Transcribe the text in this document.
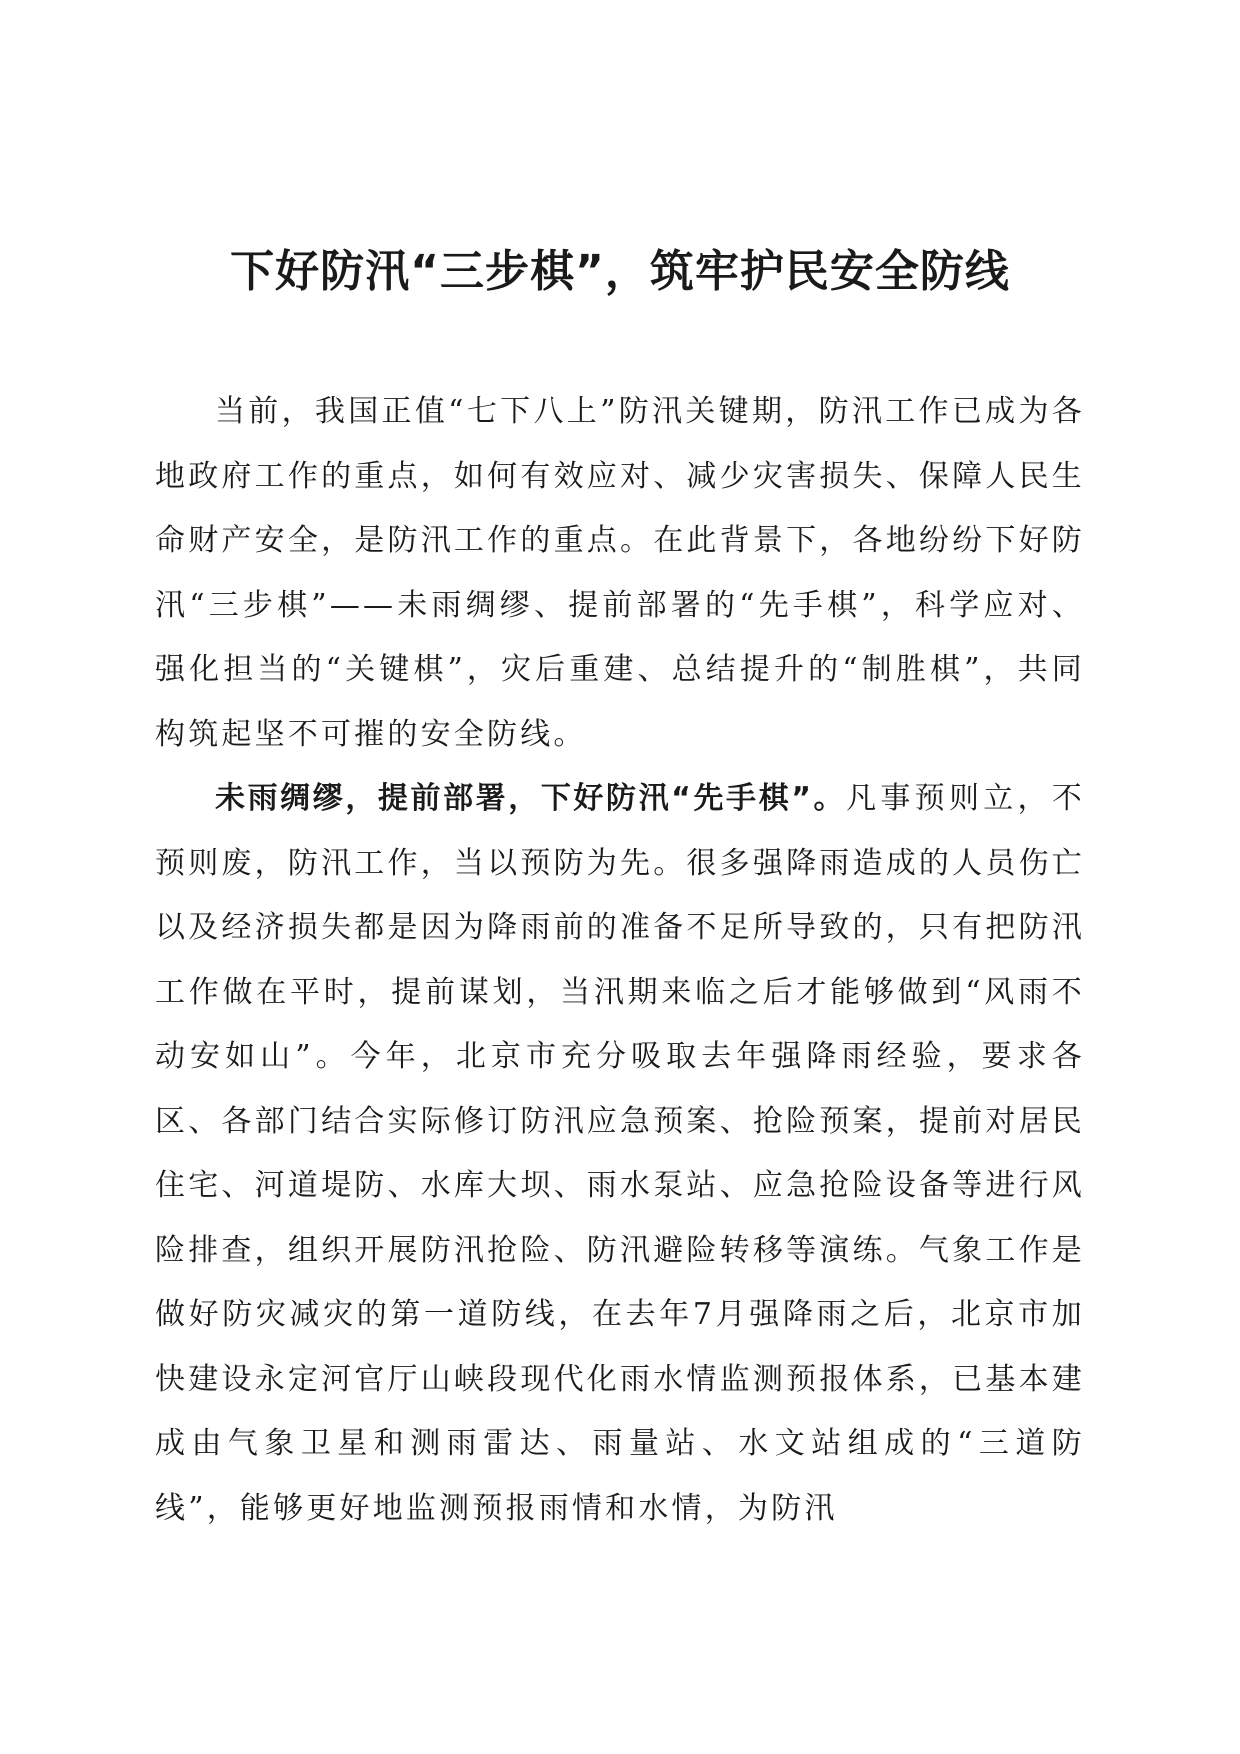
下好防汛“三步棋”，筑牢护民安全防线

当前，我国正值“七下八上”防汛关键期，防汛工作已成为各地政府工作的重点，如何有效应对、减少灾害损失、保障人民生命财产安全，是防汛工作的重点。在此背景下，各地纷纷下好防汛“三步棋”——未雨绸缪、提前部署的“先手棋”，科学应对、强化担当的“关键棋”，灾后重建、总结提升的“制胜棋”，共同构筑起坚不可摧的安全防线。

未雨绸缪，提前部署，下好防汛“先手棋”。凡事预则立，不预则废，防汛工作，当以预防为先。很多强降雨造成的人员伤亡以及经济损失都是因为降雨前的准备不足所导致的，只有把防汛工作做在平时，提前谋划，当汛期来临之后才能够做到“风雨不动安如山”。今年，北京市充分吸取去年强降雨经验，要求各区、各部门结合实际修订防汛应急预案、抢险预案，提前对居民住宅、河道堤防、水库大坝、雨水泵站、应急抢险设备等进行风险排查，组织开展防汛抢险、防汛避险转移等演练。气象工作是做好防灾减灾的第一道防线，在去年7月强降雨之后，北京市加快建设永定河官厅山峡段现代化雨水情监测预报体系，已基本建成由气象卫星和测雨雷达、雨量站、水文站组成的“三道防线”，能够更好地监测预报雨情和水情，为防汛
